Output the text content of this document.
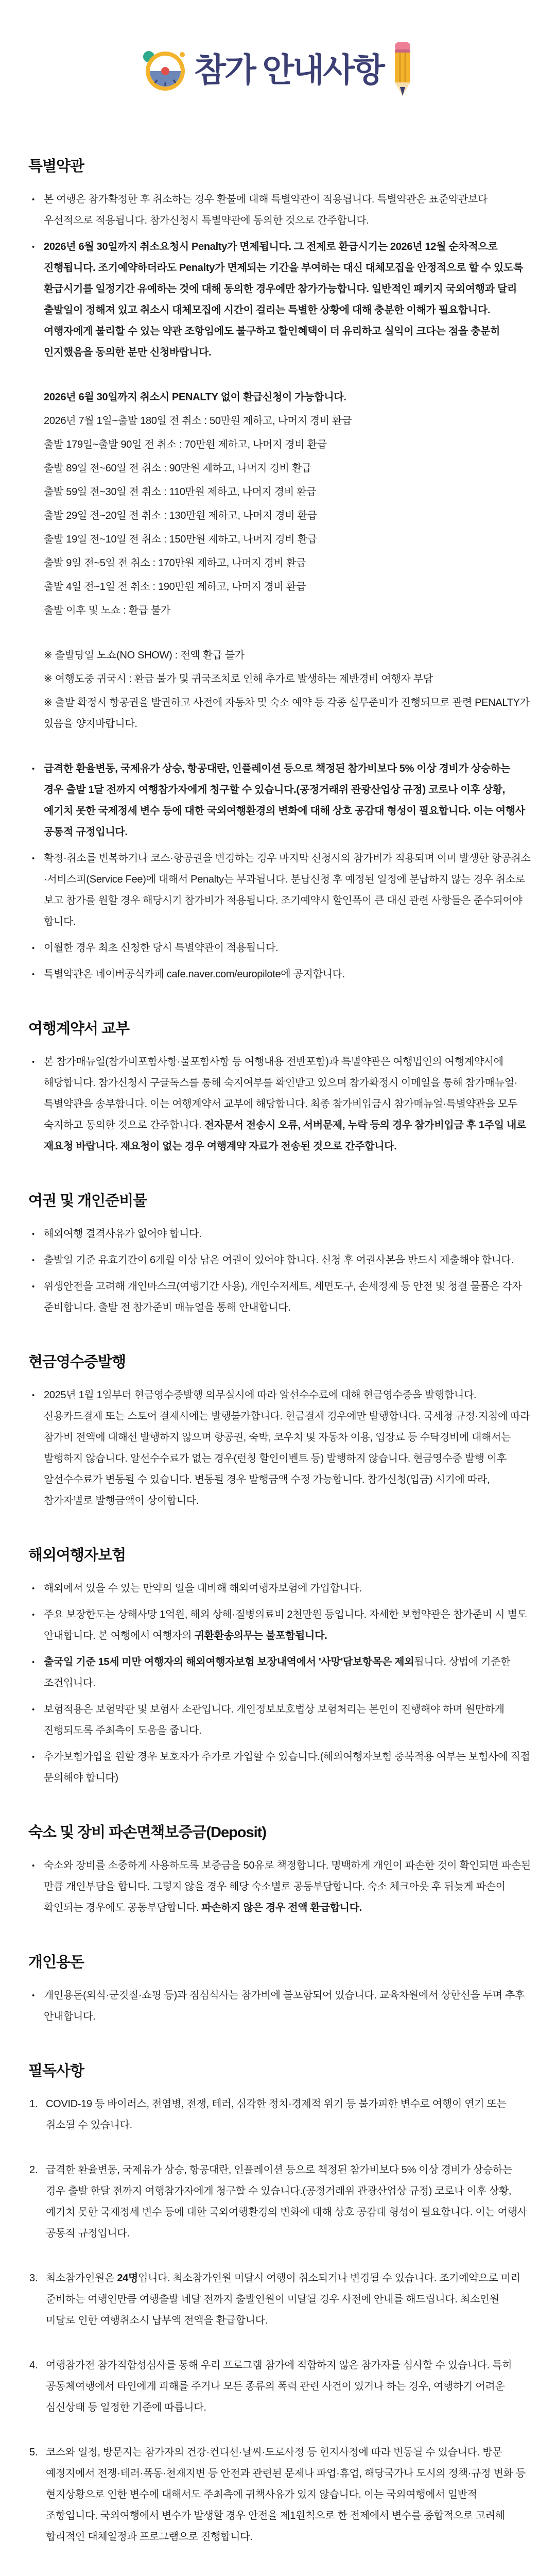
참가 안내사항
특별약관
• 본 여행은 참가확정한 후 취소하는 경우 환불에 대해 특별약관이 적용됩니다. 특별약관은 표준약관보다 우선적으로 적용됩니다. 참가신청시 특별약관에 동의한 것으로 간주합니다.

• 2026년 6월 30일까지 취소요청시 Penalty가 면제됩니다. 그 전제로 환급시기는 2026년 12월 순차적으로 진행됩니다. 조기예약하더라도 Penalty가 면제되는 기간을 부여하는 대신 대체모집을 안정적으로 할 수 있도록 환급시기를 일정기간 유예하는 것에 대해 동의한 경우에만 참가가능합니다. 일반적인 패키지 국외여행과 달리 출발일이 정해져 있고 취소시 대체모집에 시간이 걸리는 특별한 상황에 대해 충분한 이해가 필요합니다. 여행자에게 불리할 수 있는 약관 조항임에도 불구하고 할인혜택이 더 유리하고 실익이 크다는 점을 충분히 인지했음을 동의한 분만 신청바랍니다.

2026년 6월 30일까지 취소시 PENALTY 없이 환급신청이 가능합니다.

2026년 7월 1일~출발 180일 전 취소 : 50만원 제하고, 나머지 경비 환급

출발 179일~출발 90일 전 취소 : 70만원 제하고, 나머지 경비 환급

출발 89일 전~60일 전 취소 : 90만원 제하고, 나머지 경비 환급

출발 59일 전~30일 전 취소 : 110만원 제하고, 나머지 경비 환급

출발 29일 전~20일 전 취소 : 130만원 제하고, 나머지 경비 환급

출발 19일 전~10일 전 취소 : 150만원 제하고, 나머지 경비 환급

출발 9일 전~5일 전 취소 : 170만원 제하고, 나머지 경비 환급

출발 4일 전~1일 전 취소 : 190만원 제하고, 나머지 경비 환급

출발 이후 및 노쇼 : 환급 불가

※ 출발당일 노쇼(NO SHOW) : 전액 환급 불가

※ 여행도중 귀국시 : 환급 불가 및 귀국조치로 인해 추가로 발생하는 제반경비 여행자 부담

※ 출발 확정시 항공권을 발권하고 사전에 자동차 및 숙소 예약 등 각종 실무준비가 진행되므로 관련 PENALTY가 있음을 양지바랍니다.

• 급격한 환율변동, 국제유가 상승, 항공대란, 인플레이션 등으로 책정된 참가비보다 5% 이상 경비가 상승하는 경우 출발 1달 전까지 여행참가자에게 청구할 수 있습니다.(공정거래위 관광산업상 규정) 코로나 이후 상황, 예기치 못한 국제정세 변수 등에 대한 국외여행환경의 변화에 대해 상호 공감대 형성이 필요합니다. 이는 여행사 공통적 규정입니다.

• 확정·취소를 번복하거나 코스·항공권을 변경하는 경우 마지막 신청시의 참가비가 적용되며 이미 발생한 항공취소·서비스피(Service Fee)에 대해서 Penalty는 부과됩니다. 분납신청 후 예정된 일정에 분납하지 않는 경우 취소로 보고 참가를 원할 경우 해당시기 참가비가 적용됩니다. 조기예약시 할인폭이 큰 대신 관련 사항들은 준수되어야 합니다.

• 이월한 경우 최초 신청한 당시 특별약관이 적용됩니다.

• 특별약관은 네이버공식카페 cafe.naver.com/europilote에 공지합니다.

여행계약서 교부
• 본 참가매뉴얼(참가비포함사항·불포함사항 등 여행내용 전반포함)과 특별약관은 여행법인의 여행계약서에 해당합니다. 참가신청시 구글독스를 통해 숙지여부를 확인받고 있으며 참가확정시 이메일을 통해 참가매뉴얼·특별약관을 송부합니다. 이는 여행계약서 교부에 해당합니다. 최종 참가비입금시 참가매뉴얼·특별약관을 모두 숙지하고 동의한 것으로 간주합니다. 전자문서 전송시 오류, 서버문제, 누락 등의 경우 참가비입금 후 1주일 내로 재요청 바랍니다. 재요청이 없는 경우 여행계약 자료가 전송된 것으로 간주합니다.

여권 및 개인준비물
• 해외여행 결격사유가 없어야 합니다.

• 출발일 기준 유효기간이 6개월 이상 남은 여권이 있어야 합니다. 신청 후 여권사본을 반드시 제출해야 합니다.

• 위생안전을 고려해 개인마스크(여행기간 사용), 개인수저세트, 세면도구, 손세정제 등 안전 및 청결 물품은 각자 준비합니다. 출발 전 참가준비 매뉴얼을 통해 안내합니다.

현금영수증발행
• 2025년 1월 1일부터 현금영수증발행 의무실시에 따라 알선수수료에 대해 현금영수증을 발행합니다. 신용카드결제 또는 스토어 결제시에는 발행불가합니다. 현금결제 경우에만 발행합니다. 국세청 규정·지침에 따라 참가비 전액에 대해선 발행하지 않으며 항공권, 숙박, 코우치 및 자동차 이용, 입장료 등 수탁경비에 대해서는 발행하지 않습니다. 알선수수료가 없는 경우(런칭 할인이벤트 등) 발행하지 않습니다. 현금영수증 발행 이후 알선수수료가 변동될 수 있습니다. 변동될 경우 발행금액 수정 가능합니다. 참가신청(입금) 시기에 따라, 참가자별로 발행금액이 상이합니다.

해외여행자보험
• 해외에서 있을 수 있는 만약의 일을 대비해 해외여행자보험에 가입합니다.

• 주요 보장한도는 상해사망 1억원, 해외 상해·질병의료비 2천만원 등입니다. 자세한 보험약관은 참가준비 시 별도 안내합니다. 본 여행에서 여행자의 귀환환송의무는 불포함됩니다.

• 출국일 기준 15세 미만 여행자의 해외여행자보험 보장내역에서 '사망'담보항목은 제외됩니다. 상법에 기준한 조건입니다.

• 보험적용은 보험약관 및 보험사 소관입니다. 개인정보보호법상 보험처리는 본인이 진행해야 하며 원만하게 진행되도록 주최측이 도움을 줍니다.

• 추가보험가입을 원할 경우 보호자가 추가로 가입할 수 있습니다.(해외여행자보험 중복적용 여부는 보험사에 직접 문의해야 합니다)

숙소 및 장비 파손면책보증금(Deposit)
• 숙소와 장비를 소중하게 사용하도록 보증금을 50유로 책정합니다. 명백하게 개인이 파손한 것이 확인되면 파손된 만큼 개인부담을 합니다. 그렇지 않을 경우 해당 숙소별로 공동부담합니다. 숙소 체크아웃 후 뒤늦게 파손이 확인되는 경우에도 공동부담합니다. 파손하지 않은 경우 전액 환급합니다.

개인용돈
• 개인용돈(외식·군것질·쇼핑 등)과 점심식사는 참가비에 불포함되어 있습니다. 교육차원에서 상한선을 두며 추후 안내합니다.

필독사항
1. COVID-19 등 바이러스, 전염병, 전쟁, 테러, 심각한 정치·경제적 위기 등 불가피한 변수로 여행이 연기 또는 취소될 수 있습니다.

2. 급격한 환율변동, 국제유가 상승, 항공대란, 인플레이션 등으로 책정된 참가비보다 5% 이상 경비가 상승하는 경우 출발 한달 전까지 여행참가자에게 청구할 수 있습니다.(공정거래위 관광산업상 규정) 코로나 이후 상황, 예기치 못한 국제정세 변수 등에 대한 국외여행환경의 변화에 대해 상호 공감대 형성이 필요합니다. 이는 여행사 공통적 규정입니다.

3. 최소참가인원은 24명입니다. 최소참가인원 미달시 여행이 취소되거나 변경될 수 있습니다. 조기예약으로 미리 준비하는 여행인만큼 여행출발 네달 전까지 출발인원이 미달될 경우 사전에 안내를 해드립니다. 최소인원 미달로 인한 여행취소시 납부액 전액을 환급합니다.

4. 여행참가전 참가적합성심사를 통해 우리 프로그램 참가에 적합하지 않은 참가자를 심사할 수 있습니다. 특히 공동체여행에서 타인에게 피해를 주거나 모든 종류의 폭력 관련 사건이 있거나 하는 경우, 여행하기 어려운 심신상태 등 일정한 기준에 따릅니다.

5. 코스와 일정, 방문지는 참가자의 건강·컨디션·날씨·도로사정 등 현지사정에 따라 변동될 수 있습니다. 방문 예정지에서 전쟁·테러·폭동·천재지변 등 안전과 관련된 문제나 파업·휴업, 해당국가나 도시의 정책·규정 변화 등 현지상황으로 인한 변수에 대해서도 주최측에 귀책사유가 있지 않습니다. 이는 국외여행에서 일반적 조항입니다. 국외여행에서 변수가 발생할 경우 안전을 제1원칙으로 한 전제에서 변수를 종합적으로 고려해 합리적인 대체일정과 프로그램으로 진행합니다.
